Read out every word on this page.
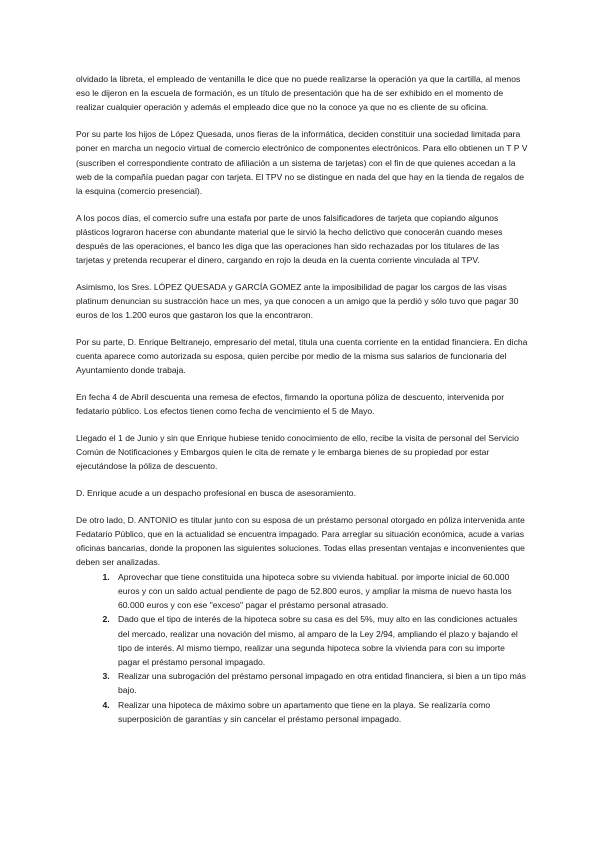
olvidado la libreta, el empleado de ventanilla le dice que no puede realizarse la operación ya que la cartilla, al menos eso le dijeron en la escuela de formación, es un título de presentación que ha de ser exhibido en el momento de realizar cualquier operación y además el empleado dice que no la conoce ya que no es cliente de su oficina.

Por su parte los hijos de López Quesada, unos fieras de la informática, deciden constituir una sociedad limitada para poner en marcha un negocio virtual de comercio electrónico de componentes electrónicos. Para ello obtienen un T P V (suscriben el correspondiente contrato de afiliación a un sistema de tarjetas) con el fin de que quienes accedan a la web de la compañía puedan pagar con tarjeta. El TPV no se distingue en nada del que hay en la tienda de regalos de la esquina (comercio presencial).

A los pocos días, el comercio sufre una estafa por parte de unos falsificadores de tarjeta que copiando algunos plásticos lograron hacerse con abundante material que le sirvió la hecho delictivo que conocerán cuando meses después de las operaciones, el banco les diga que las operaciones han sido rechazadas por los titulares de las tarjetas y pretenda recuperar el dinero, cargando en rojo la deuda en la cuenta corriente vinculada al TPV.

Asimismo, los Sres. LÓPEZ QUESADA y GARCÍA GOMEZ ante la imposibilidad de pagar los cargos de las visas platinum denuncian su sustracción hace un mes, ya que conocen a un amigo que la perdió y sólo tuvo que pagar 30 euros de los 1.200 euros que gastaron los que la encontraron.

Por su parte, D. Enrique Beltranejo, empresario del metal, titula una cuenta corriente en la entidad financiera. En dicha cuenta aparece como autorizada su esposa, quien percibe por medio de la misma sus salarios de funcionaria del Ayuntamiento donde trabaja.

En fecha 4 de Abril descuenta una remesa de efectos, firmando la oportuna póliza de descuento, intervenida por fedatario público. Los efectos tienen como fecha de vencimiento el 5 de Mayo.

Llegado el 1 de Junio y sin que Enrique hubiese tenido conocimiento de ello, recibe la visita de personal del Servicio Común de Notificaciones y Embargos quien le cita de remate y le embarga bienes de su propiedad por estar ejecutándose la póliza de descuento.

D. Enrique acude a un despacho profesional en busca de asesoramiento.

De otro lado, D. ANTONIO es titular junto con su esposa de un préstamo personal otorgado en póliza intervenida ante Fedatario Público, que en la actualidad se encuentra impagado. Para arreglar su situación económica, acude a varias oficinas bancarias, donde la proponen las siguientes soluciones. Todas ellas presentan ventajas e inconvenientes que deben ser analizadas.

1. Aprovechar que tiene constituida una hipoteca sobre su vivienda habitual. por importe inicial de 60.000 euros y con un saldo actual pendiente de pago de 52.800 euros, y ampliar la misma de nuevo hasta los 60.000 euros y con ese "exceso" pagar el préstamo personal atrasado.
2. Dado que el tipo de interés de la hipoteca sobre su casa es del 5%, muy alto en las condiciones actuales del mercado, realizar una novación del mismo, al amparo de la Ley 2/94, ampliando el plazo y bajando el tipo de interés. Al mismo tiempo, realizar una segunda hipoteca sobre la vivienda para con su importe pagar el préstamo personal impagado.
3. Realizar una subrogación del préstamo personal impagado en otra entidad financiera, si bien a un tipo más bajo.
4. Realizar una hipoteca de máximo sobre un apartamento que tiene en la playa. Se realizaría como superposición de garantías y sin cancelar el préstamo personal impagado.
